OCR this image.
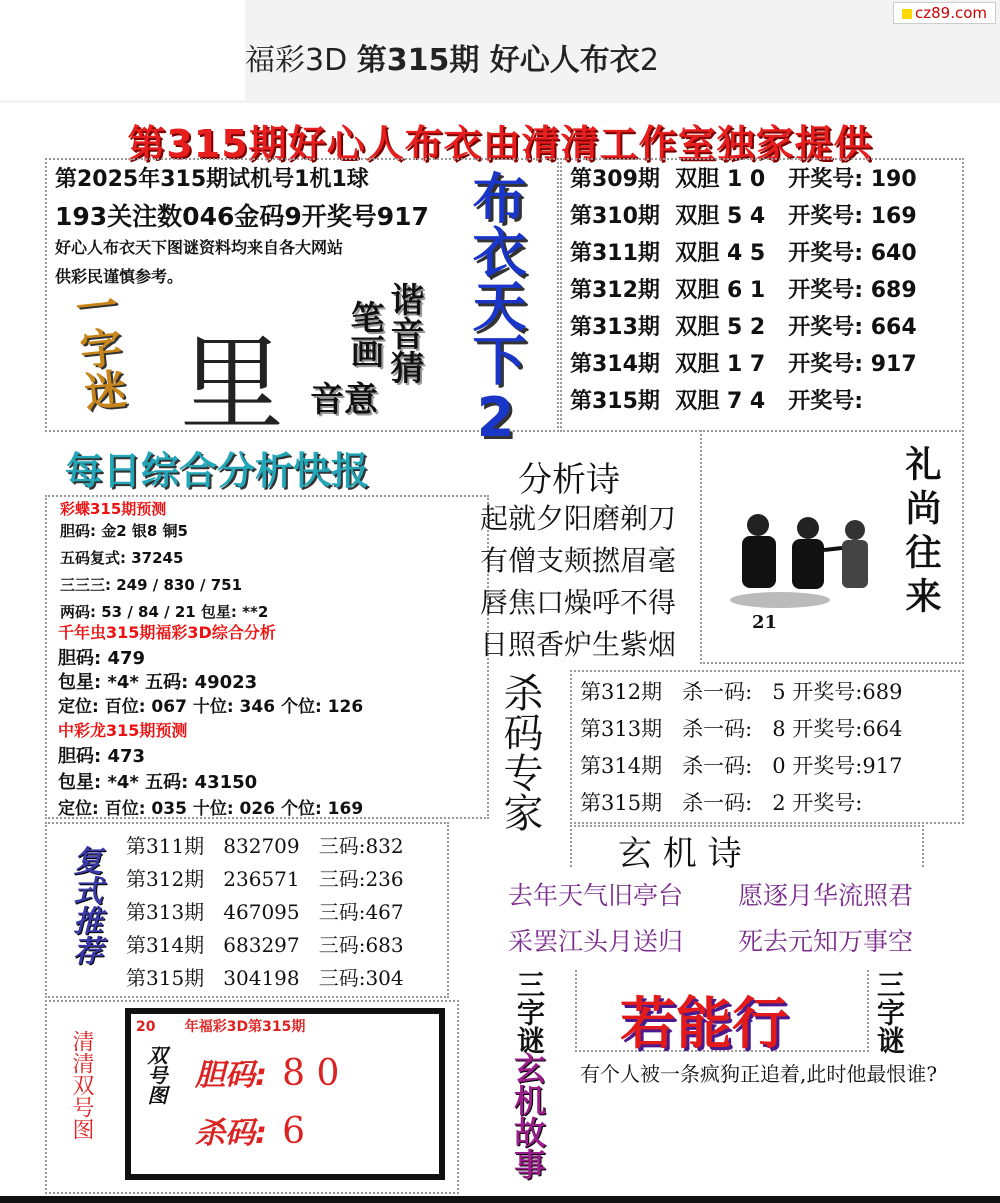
cz89.com
福彩3D 第315期 好心人布衣2
第315期好心人布衣由清清工作室独家提供
第2025年315期试机号1机1球
193关注数046金码9开奖号917
好心人布衣天下图谜资料均来自各大网站
供彩民谨慎参考。
一字迷 里	谐音猜
笔画
音意 布衣天下2 第309期 双胆 1 0 开奖号: 190
第310期 双胆 5 4 开奖号: 169
第311期 双胆 4 5 开奖号: 640
第312期 双胆 6 1 开奖号: 689
第313期 双胆 5 2 开奖号: 664
第314期 双胆 1 7 开奖号: 917
第315期 双胆 7 4 开奖号:
每日综合分析快报
彩蝶315期预测
胆码: 金2 银8 铜5
五码复式: 37245
三三三: 249 / 830 / 751
两码: 53 / 84 / 21 包星: **2
千年虫315期福彩3D综合分析
胆码: 479
包星: *4* 五码: 49023
定位: 百位: 067 十位: 346 个位: 126
中彩龙315期预测
胆码: 473
包星: *4* 五码: 43150
定位: 百位: 035 十位: 026 个位: 169
分析诗
起就夕阳磨剃刀
有僧支颊撚眉毫
唇焦口燥呼不得
日照香炉生紫烟
21
礼尚往来
杀码专家 第312期 杀一码: 5 开奖号:689
第313期 杀一码: 8 开奖号:664
第314期 杀一码: 0 开奖号:917
第315期 杀一码: 2 开奖号:
复式推荐 第311期 832709 三码:832
第312期 236571 三码:236
第313期 467095 三码:467
第314期 683297 三码:683
第315期 304198 三码:304
玄 机 诗
去年天气旧亭台 愿逐月华流照君
采罢江头月送归 死去元知万事空
清清双号图
20 年福彩3D第315期
双号图 胆码: 8 0
杀码: 6
三字谜 若能行	三字谜
玄机故事 有个人被一条疯狗正追着,此时他最恨谁?
